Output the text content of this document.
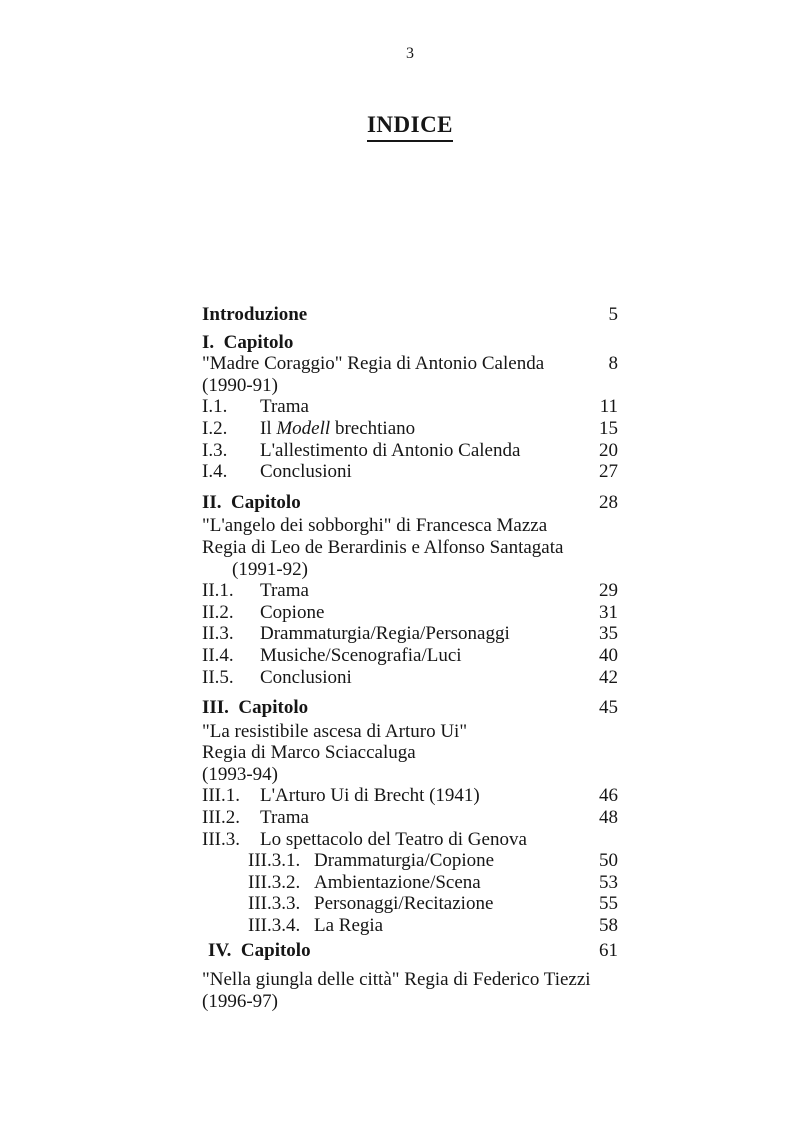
3
INDICE
Introduzione	5
I.  Capitolo
"Madre Coraggio" Regia di Antonio Calenda	8
(1990-91)
I.1.	Trama	11
I.2.	Il Modell brechtiano	15
I.3.	L'allestimento di Antonio Calenda	20
I.4.	Conclusioni	27
II.  Capitolo	28
"L'angelo dei sobborghi" di Francesca Mazza
Regia di Leo de Berardinis e Alfonso Santagata
(1991-92)
II.1.	Trama	29
II.2.	Copione	31
II.3.	Drammaturgia/Regia/Personaggi	35
II.4.	Musiche/Scenografia/Luci	40
II.5.	Conclusioni	42
III.  Capitolo	45
"La resistibile ascesa di Arturo Ui"
Regia di Marco Sciaccaluga
(1993-94)
III.1.	L'Arturo Ui di Brecht (1941)	46
III.2.	Trama	48
III.3.	Lo spettacolo del Teatro di Genova
III.3.1. Drammaturgia/Copione	50
III.3.2. Ambientazione/Scena	53
III.3.3. Personaggi/Recitazione	55
III.3.4. La Regia	58
IV.  Capitolo	61
"Nella giungla delle città" Regia di Federico Tiezzi
(1996-97)
